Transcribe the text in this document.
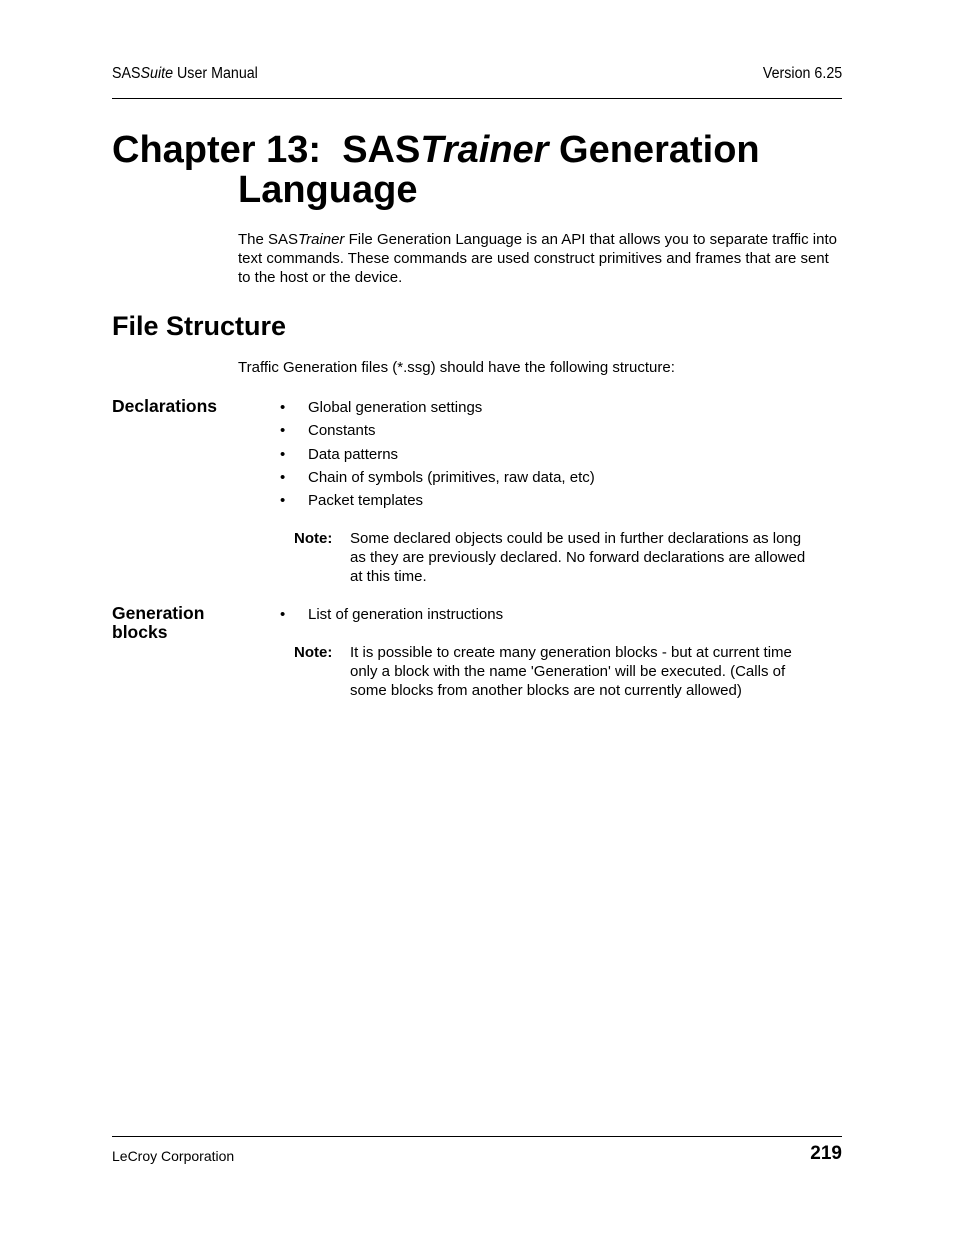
SASSuite User Manual	Version 6.25
Chapter 13: SASTrainer Generation
Language
The SASTrainer File Generation Language is an API that allows you to separate traffic into text commands. These commands are used construct primitives and frames that are sent to the host or the device.
File Structure
Traffic Generation files (*.ssg) should have the following structure:
Declarations	• Global generation settings
• Constants
• Data patterns
• Chain of symbols (primitives, raw data, etc)
• Packet templates
Note: Some declared objects could be used in further declarations as long as they are previously declared. No forward declarations are allowed at this time.
Generation
blocks
• List of generation instructions
Note: It is possible to create many generation blocks - but at current time only a block with the name 'Generation' will be executed. (Calls of some blocks from another blocks are not currently allowed)
LeCroy Corporation	219
